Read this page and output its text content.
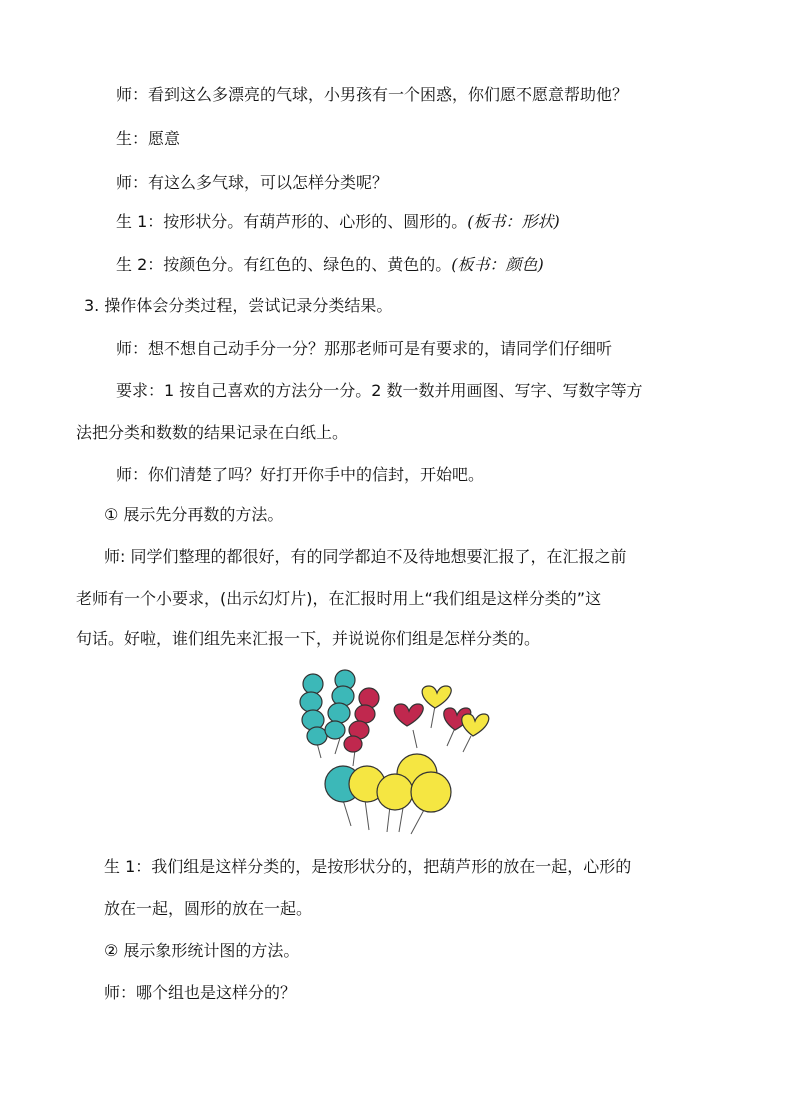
师：看到这么多漂亮的气球，小男孩有一个困惑，你们愿不愿意帮助他？
生：愿意
师：有这么多气球，可以怎样分类呢？
生 1：按形状分。有葫芦形的、心形的、圆形的。(板书：形状)
生 2：按颜色分。有红色的、绿色的、黄色的。(板书：颜色)
3. 操作体会分类过程，尝试记录分类结果。
师：想不想自己动手分一分？那那老师可是有要求的，请同学们仔细听
要求：1 按自己喜欢的方法分一分。2 数一数并用画图、写字、写数字等方
法把分类和数数的结果记录在白纸上。
师：你们清楚了吗？好打开你手中的信封，开始吧。
① 展示先分再数的方法。
师: 同学们整理的都很好，有的同学都迫不及待地想要汇报了，在汇报之前
老师有一个小要求，(出示幻灯片)，在汇报时用上“我们组是这样分类的”这
句话。好啦，谁们组先来汇报一下，并说说你们组是怎样分类的。
生 1：我们组是这样分类的，是按形状分的，把葫芦形的放在一起，心形的
放在一起，圆形的放在一起。
② 展示象形统计图的方法。
师：哪个组也是这样分的？
